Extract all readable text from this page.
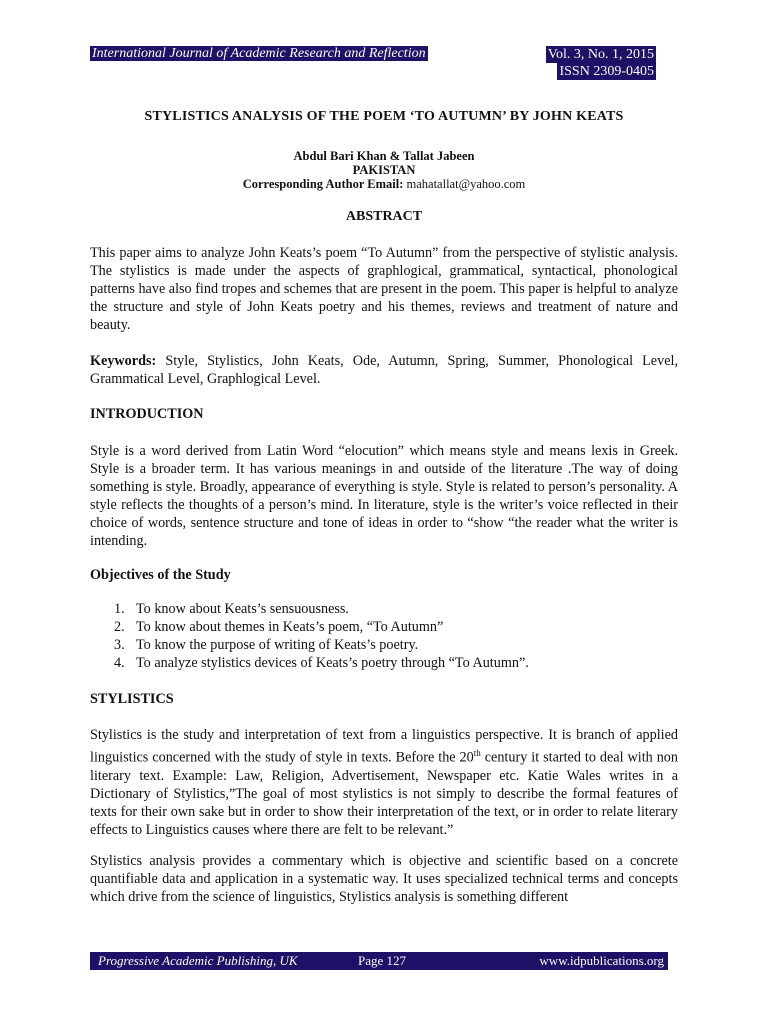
International Journal of Academic Research and Reflection	Vol. 3, No. 1, 2015
ISSN 2309-0405
STYLISTICS ANALYSIS OF THE POEM ‘TO AUTUMN’ BY JOHN KEATS
Abdul Bari Khan & Tallat Jabeen
PAKISTAN
Corresponding Author Email: mahatallat@yahoo.com
ABSTRACT
This paper aims to analyze John Keats’s poem “To Autumn” from the perspective of stylistic analysis. The stylistics is made under the aspects of graphlogical, grammatical, syntactical, phonological patterns have also find tropes and schemes that are present in the poem. This paper is helpful to analyze the structure and style of John Keats poetry and his themes, reviews and treatment of nature and beauty.
Keywords: Style, Stylistics, John Keats, Ode, Autumn, Spring, Summer, Phonological Level, Grammatical Level, Graphlogical Level.
INTRODUCTION
Style is a word derived from Latin Word “elocution” which means style and means lexis in Greek. Style is a broader term. It has various meanings in and outside of the literature .The way of doing something is style. Broadly, appearance of everything is style. Style is related to person’s personality. A style reflects the thoughts of a person’s mind. In literature, style is the writer’s voice reflected in their choice of words, sentence structure and tone of ideas in order to “show “the reader what the writer is intending.
Objectives of the Study
1. To know about Keats’s sensuousness.
2. To know about themes in Keats’s poem, “To Autumn”
3. To know the purpose of writing of Keats’s poetry.
4. To analyze stylistics devices of Keats’s poetry through “To Autumn”.
STYLISTICS
Stylistics is the study and interpretation of text from a linguistics perspective. It is branch of applied linguistics concerned with the study of style in texts. Before the 20th century it started to deal with non literary text. Example: Law, Religion, Advertisement, Newspaper etc. Katie Wales writes in a Dictionary of Stylistics,”The goal of most stylistics is not simply to describe the formal features of texts for their own sake but in order to show their interpretation of the text, or in order to relate literary effects to Linguistics causes where there are felt to be relevant.”
Stylistics analysis provides a commentary which is objective and scientific based on a concrete quantifiable data and application in a systematic way. It uses specialized technical terms and concepts which drive from the science of linguistics, Stylistics analysis is something different
Progressive Academic Publishing, UK	Page 127	www.idpublications.org
